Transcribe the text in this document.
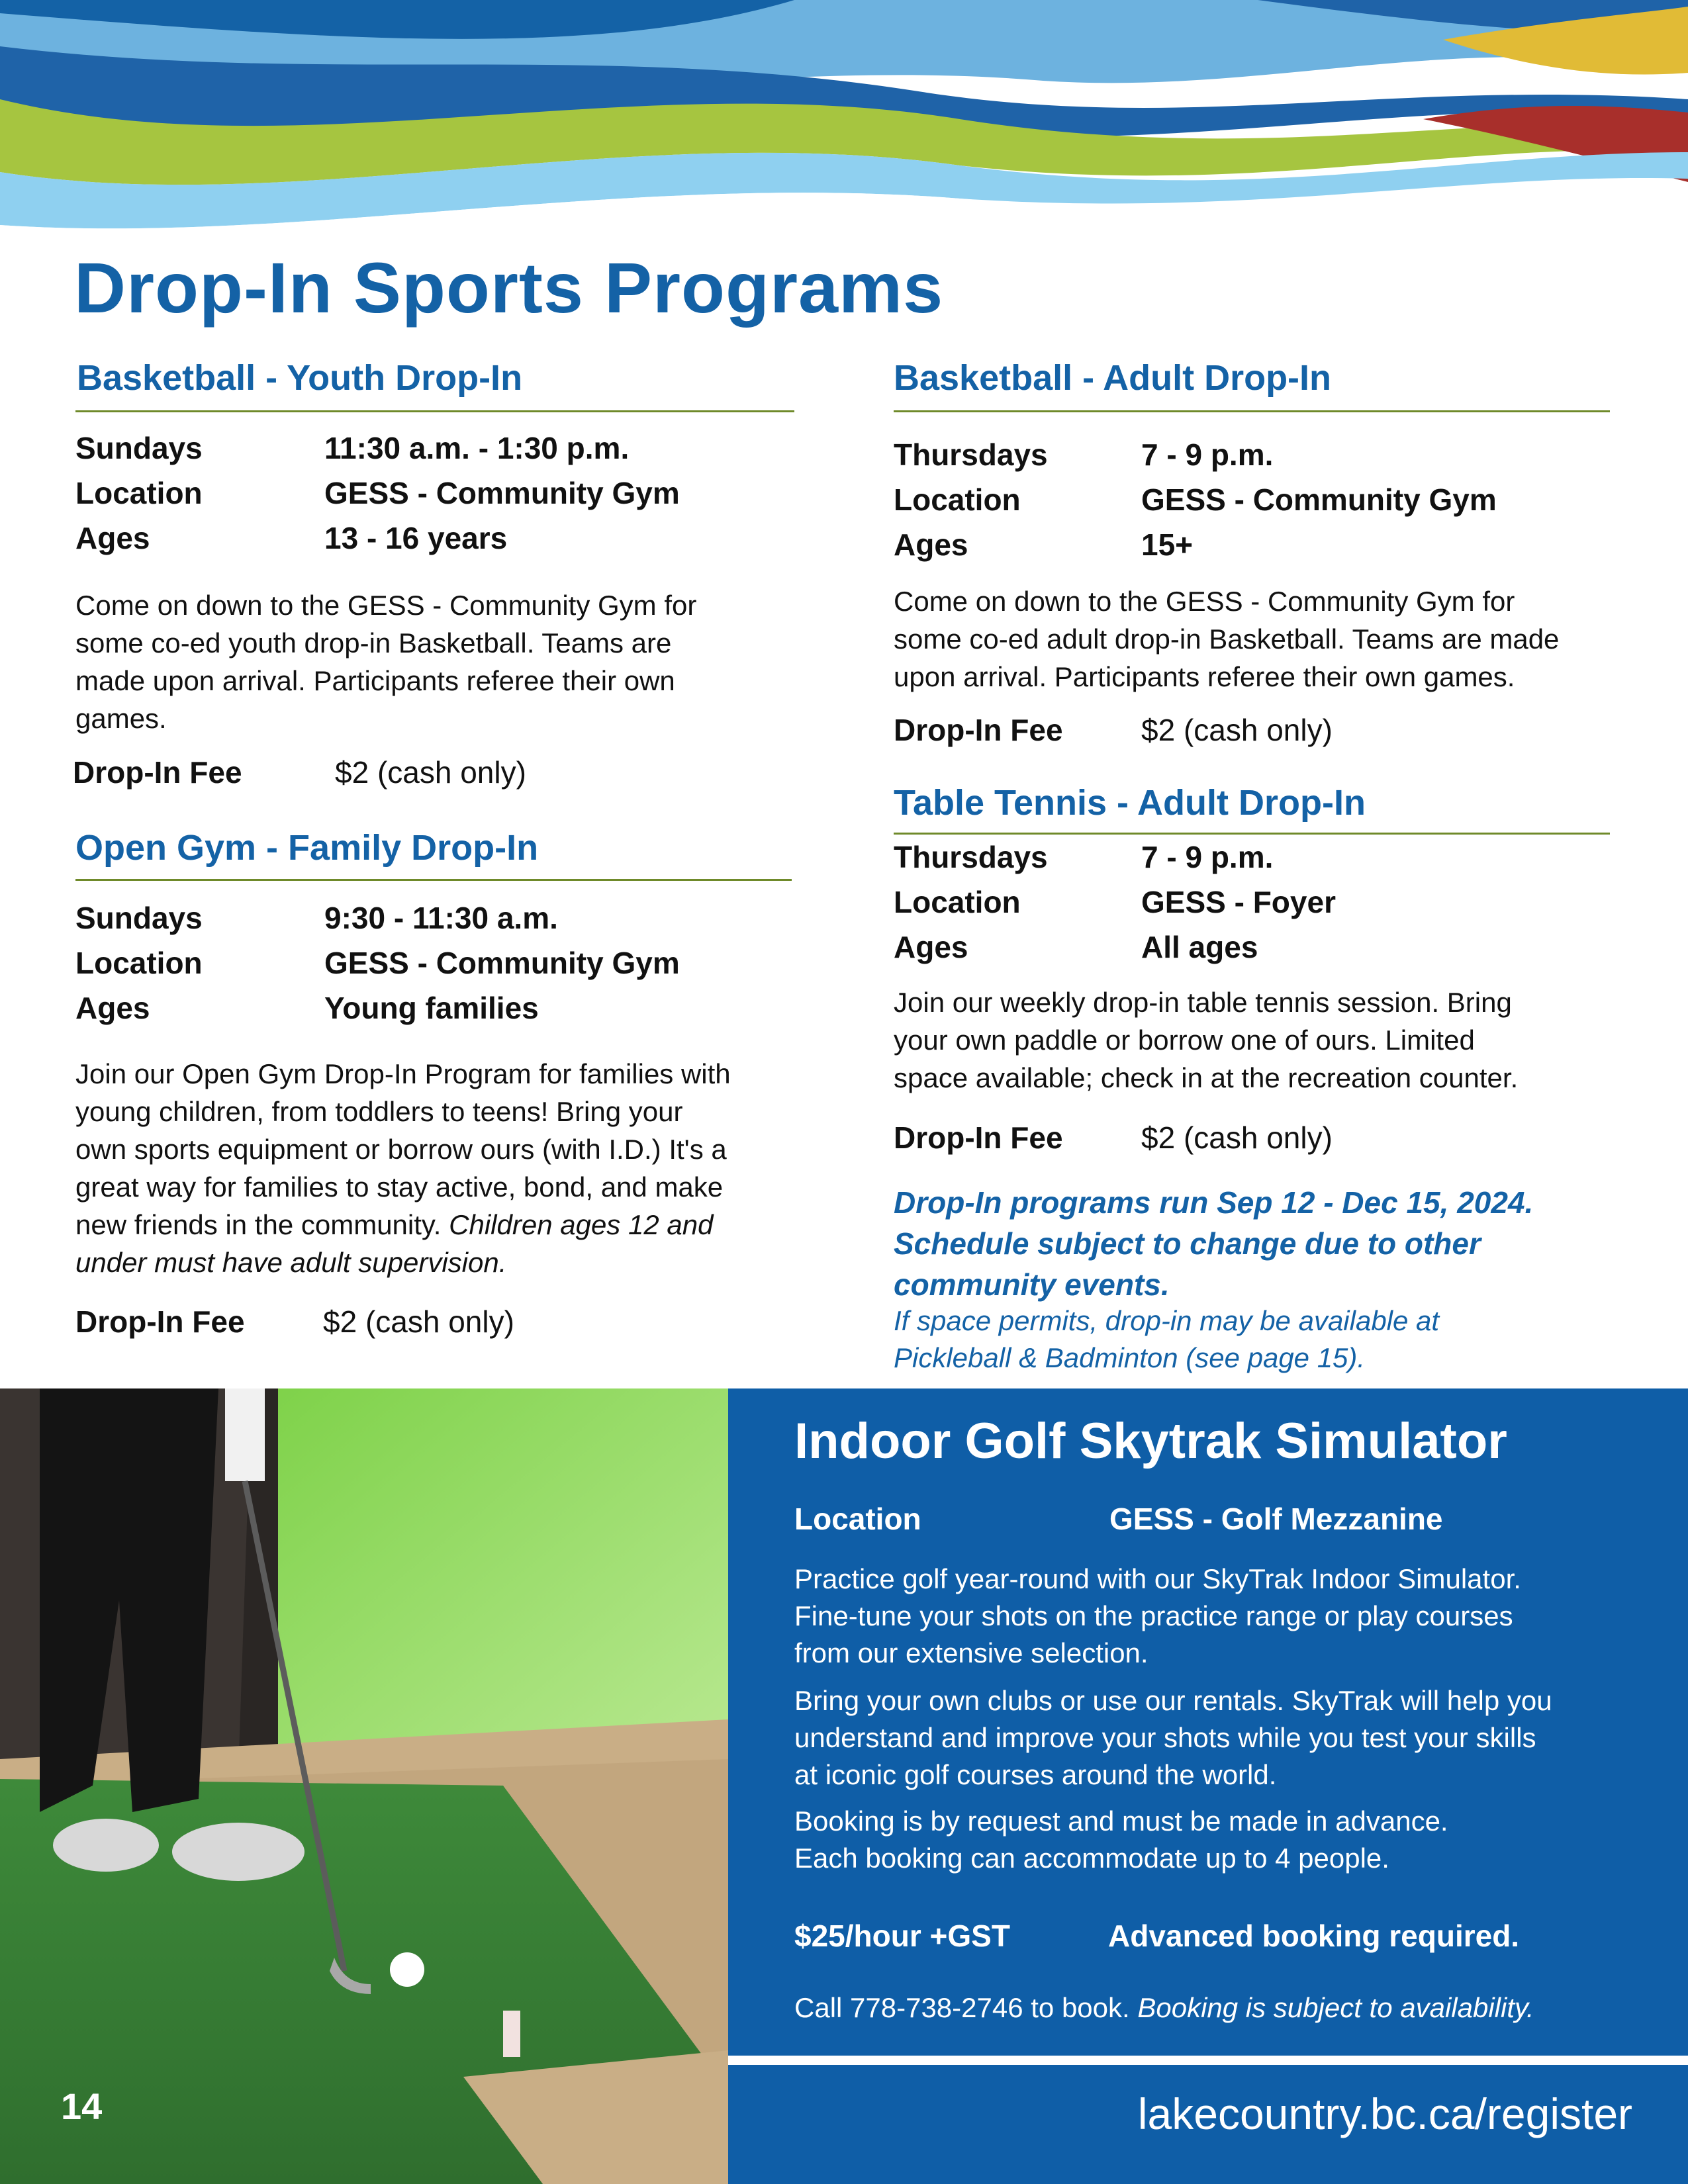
Drop-In Sports Programs
Basketball - Youth Drop-In
Sundays	11:30 a.m. - 1:30 p.m.
Location	GESS - Community Gym
Ages	13 - 16 years
Come on down to the GESS - Community Gym for
some co-ed youth drop-in Basketball. Teams are
made upon arrival. Participants referee their own
games.
Drop-In Fee	$2 (cash only)
Open Gym - Family Drop-In
Sundays	9:30 - 11:30 a.m.
Location	GESS - Community Gym
Ages	Young families
Join our Open Gym Drop-In Program for families with
young children, from toddlers to teens! Bring your
own sports equipment or borrow ours (with I.D.) It's a
great way for families to stay active, bond, and make
new friends in the community. Children ages 12 and
under must have adult supervision.
Drop-In Fee	$2 (cash only)
Basketball - Adult Drop-In
Thursdays	7 - 9 p.m.
Location	GESS - Community Gym
Ages	15+
Come on down to the GESS - Community Gym for
some co-ed adult drop-in Basketball. Teams are made
upon arrival. Participants referee their own games.
Drop-In Fee	$2 (cash only)
Table Tennis - Adult Drop-In
Thursdays	7 - 9 p.m.
Location	GESS - Foyer
Ages	All ages
Join our weekly drop-in table tennis session. Bring
your own paddle or borrow one of ours. Limited
space available; check in at the recreation counter.
Drop-In Fee	$2 (cash only)
Drop-In programs run Sep 12 - Dec 15, 2024.
Schedule subject to change due to other
community events.
If space permits, drop-in may be available at
Pickleball & Badminton (see page 15).
Indoor Golf Skytrak Simulator
Location	GESS - Golf Mezzanine
Practice golf year-round with our SkyTrak Indoor Simulator.
Fine-tune your shots on the practice range or play courses
from our extensive selection.
Bring your own clubs or use our rentals. SkyTrak will help you
understand and improve your shots while you test your skills
at iconic golf courses around the world.
Booking is by request and must be made in advance.
Each booking can accommodate up to 4 people.
$25/hour +GST	Advanced booking required.
Call 778-738-2746 to book. Booking is subject to availability.
lakecountry.bc.ca/register
14
